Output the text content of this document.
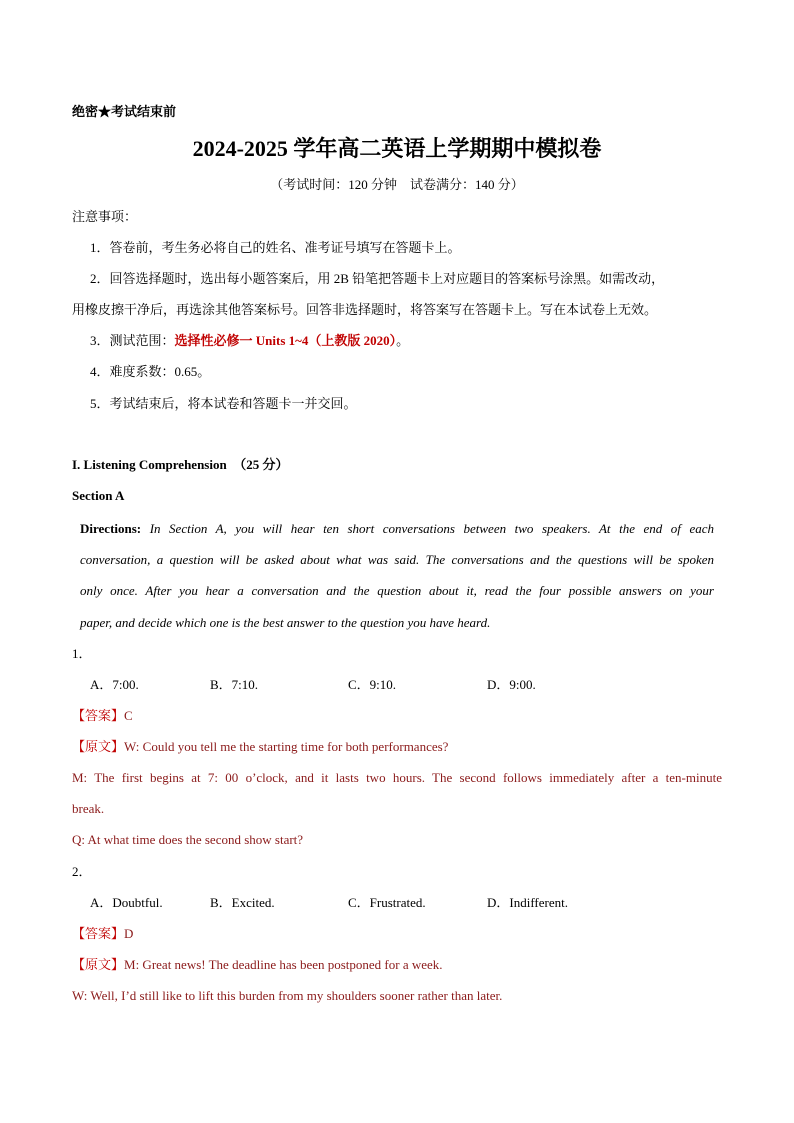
绝密★考试结束前
2024-2025 学年高二英语上学期期中模拟卷
（考试时间：120 分钟　试卷满分：140 分）
注意事项：
1．答卷前，考生务必将自己的姓名、准考证号填写在答题卡上。
2．回答选择题时，选出每小题答案后，用 2B 铅笔把答题卡上对应题目的答案标号涂黑。如需改动，
用橡皮擦干净后，再选涂其他答案标号。回答非选择题时，将答案写在答题卡上。写在本试卷上无效。
3．测试范围：选择性必修一 Units 1~4（上教版 2020）。
4．难度系数：0.65。
5．考试结束后，将本试卷和答题卡一并交回。
I. Listening Comprehension　（25 分）
Section A
Directions: In Section A, you will hear ten short conversations between two speakers. At the end of each
conversation, a question will be asked about what was said. The conversations and the questions will be spoken
only once. After you hear a conversation and the question about it, read the four possible answers on your
paper, and decide which one is the best answer to the question you have heard.
1．
A．7:00.	B．7:10.	C．9:10.	D．9:00.
【答案】C
【原文】W: Could you tell me the starting time for both performances?
M: The first begins at 7: 00 o’clock, and it lasts two hours. The second follows immediately after a ten-minute
break.
Q: At what time does the second show start?
2．
A．Doubtful.	B．Excited.	C．Frustrated.	D．Indifferent.
【答案】D
【原文】M: Great news! The deadline has been postponed for a week.
W: Well, I’d still like to lift this burden from my shoulders sooner rather than later.
